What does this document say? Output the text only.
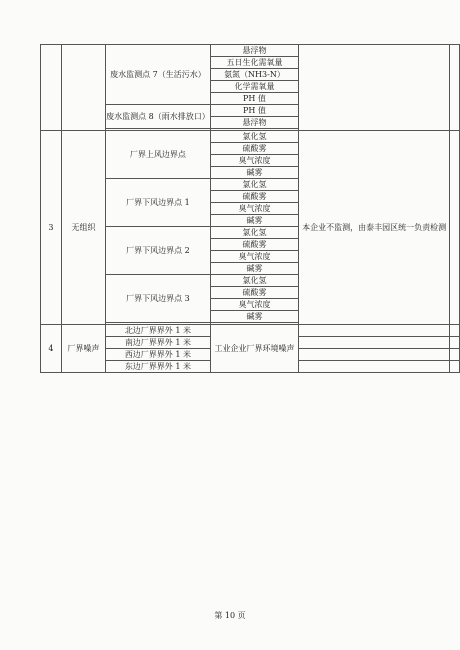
		废水监测点 7（生活污水）	悬浮物		
			五日生化需氧量		
			氨氮（NH3-N）		
			化学需氧量		
			PH 值		
		废水监测点 8（雨水排放口）	PH 值		
			悬浮物		

3	无组织	厂界上风边界点	氯化氢	本企业不监测，由泰丰园区统一负责检测	
			硫酸雾		
			臭气浓度		
			碱雾		
		厂界下风边界点 1	氯化氢		
			硫酸雾		
			臭气浓度		
			碱雾		
		厂界下风边界点 2	氯化氢		
			硫酸雾		
			臭气浓度		
			碱雾		
		厂界下风边界点 3	氯化氢		
			硫酸雾		
			臭气浓度		
			碱雾		

4	厂界噪声	北边厂界界外 1 米	工业企业厂界环境噪声		
		南边厂界界外 1 米			
		西边厂界界外 1 米			
		东边厂界界外 1 米			
第 10 页
